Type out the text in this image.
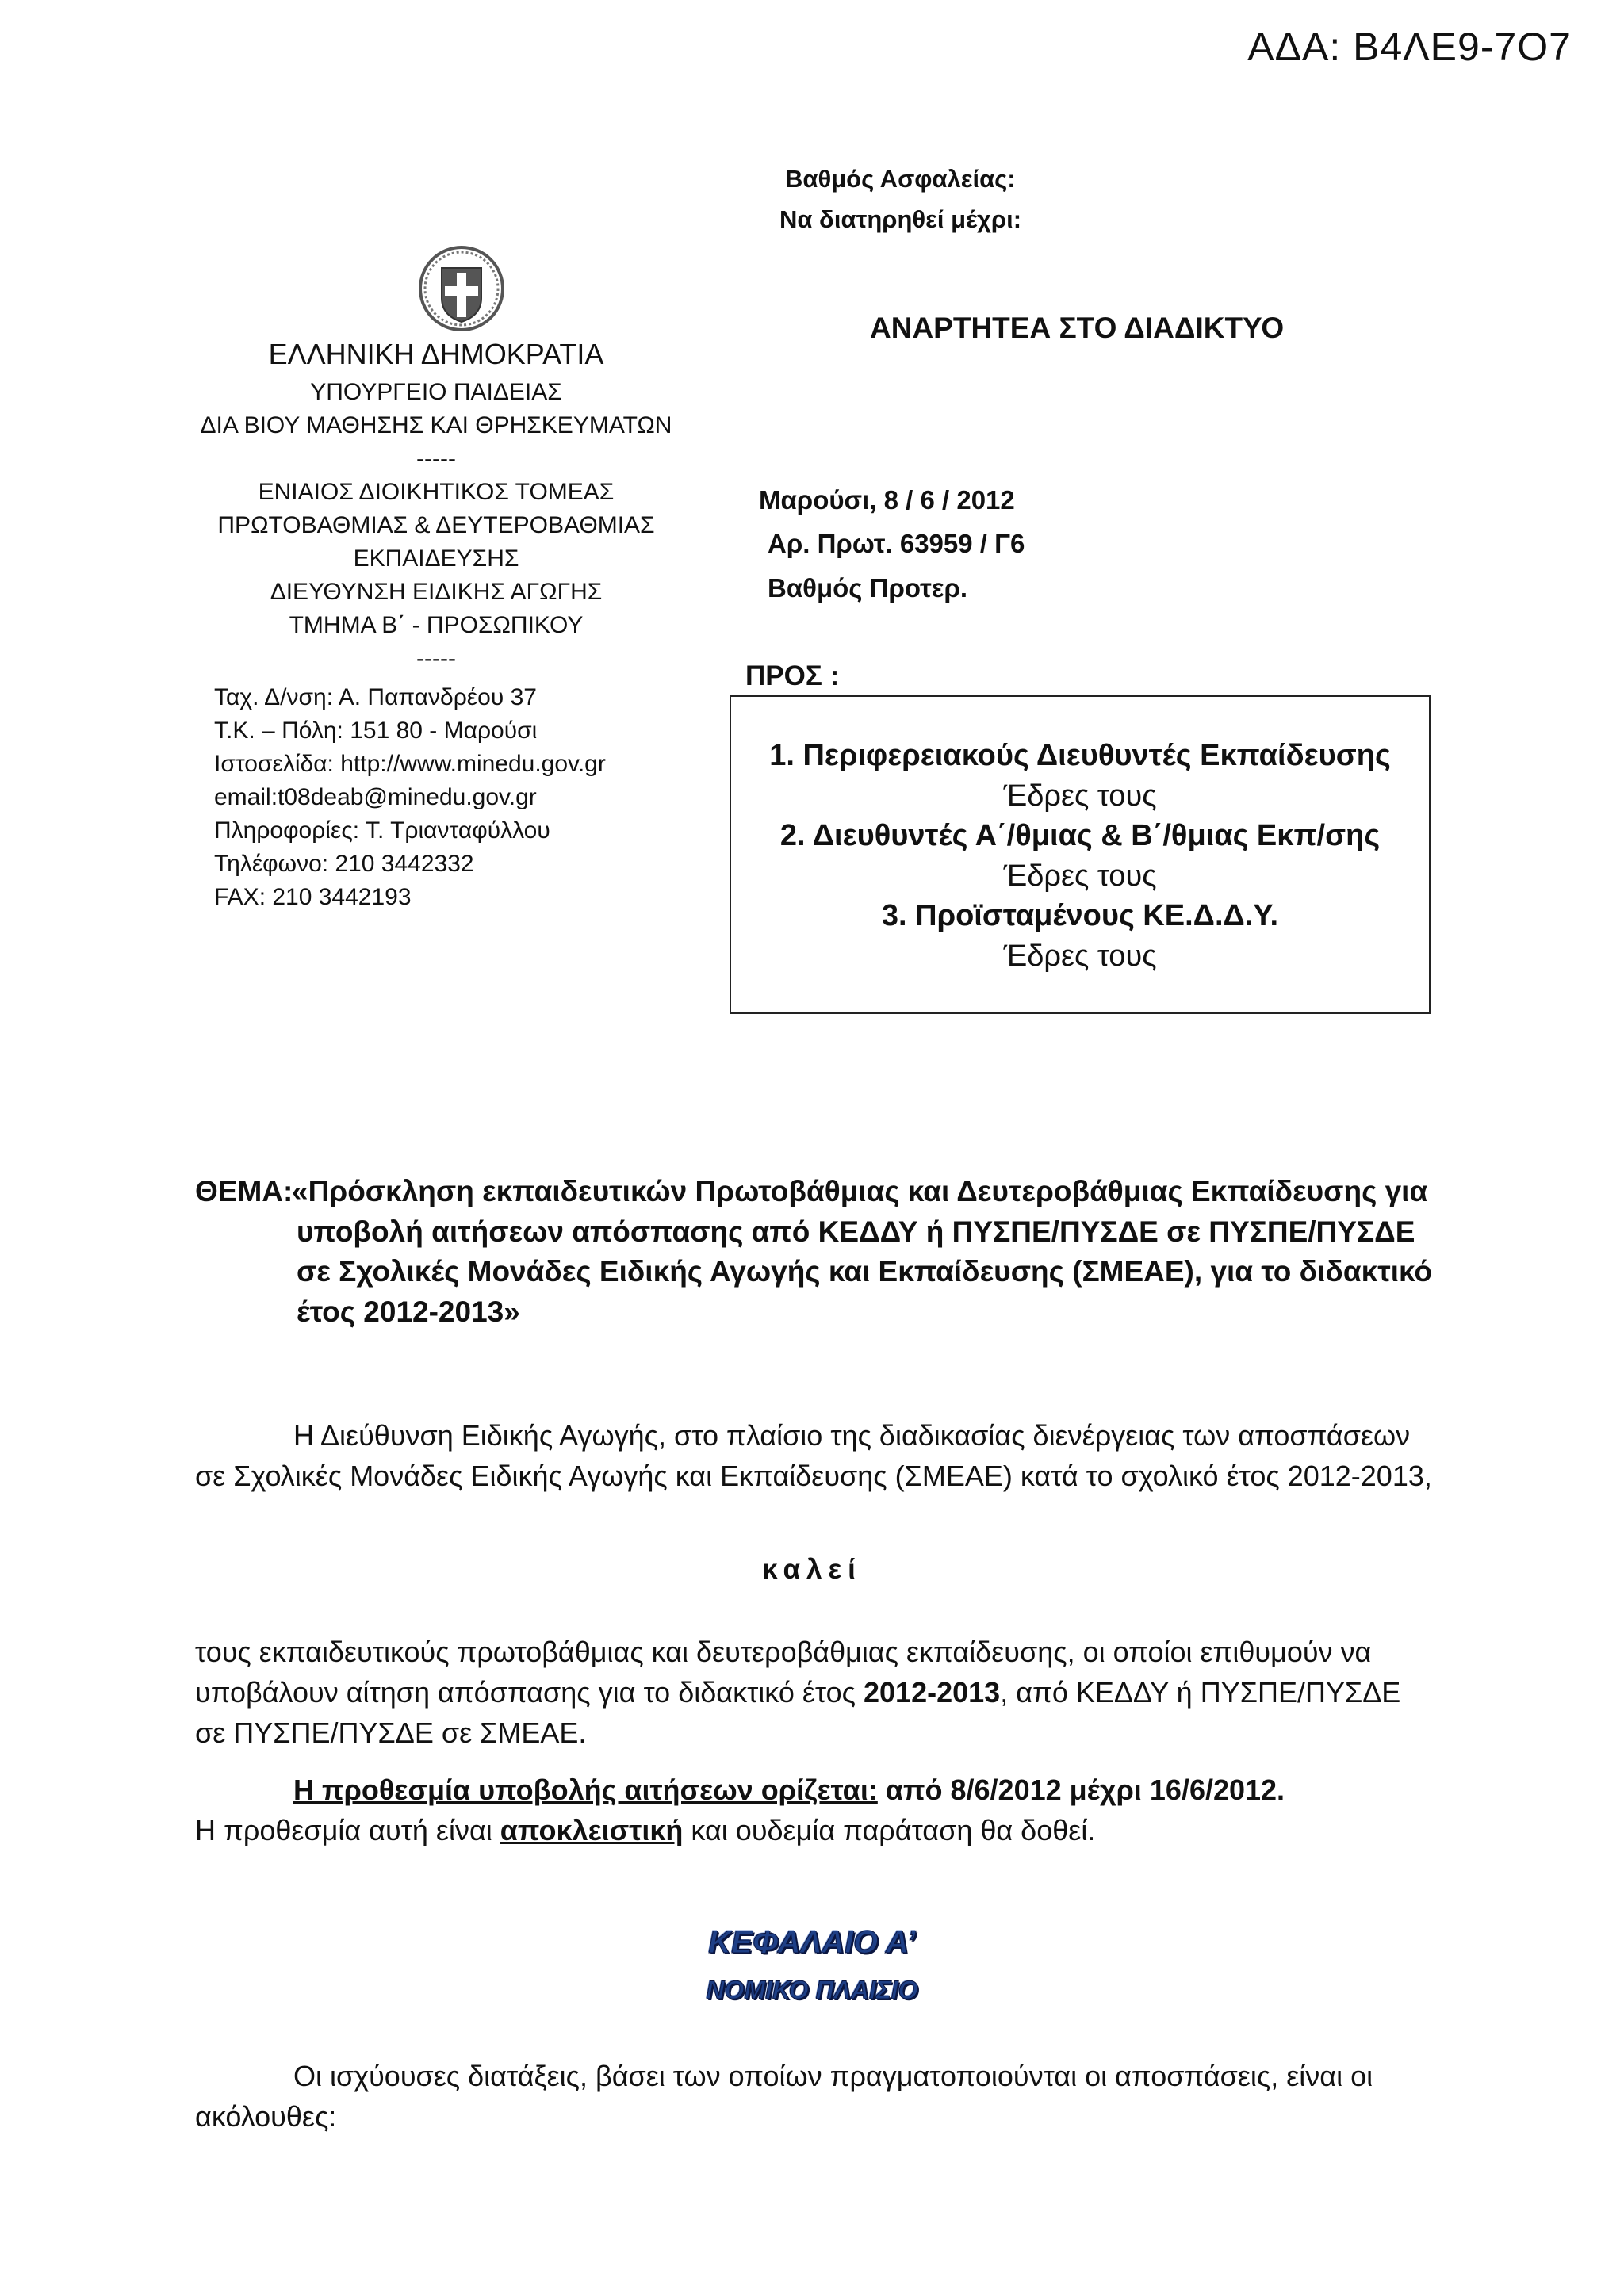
ΑΔΑ: Β4ΛΕ9-7Ο7
Βαθμός Ασφαλείας:
Να διατηρηθεί μέχρι:
ΕΛΛΗΝΙΚΗ ΔΗΜΟΚΡΑΤΙΑ
ΥΠΟΥΡΓΕΙΟ ΠΑΙΔΕΙΑΣ
ΔΙΑ ΒΙΟΥ ΜΑΘΗΣΗΣ ΚΑΙ ΘΡΗΣΚΕΥΜΑΤΩΝ
-----
ΕΝΙΑΙΟΣ ΔΙΟΙΚΗΤΙΚΟΣ ΤΟΜΕΑΣ
ΠΡΩΤΟΒΑΘΜΙΑΣ & ΔΕΥΤΕΡΟΒΑΘΜΙΑΣ
ΕΚΠΑΙΔΕΥΣΗΣ
ΔΙΕΥΘΥΝΣΗ ΕΙΔΙΚΗΣ ΑΓΩΓΗΣ
ΤΜΗΜΑ Β΄ - ΠΡΟΣΩΠΙΚΟΥ
-----
Ταχ. Δ/νση: Α. Παπανδρέου 37
Τ.Κ. – Πόλη: 151 80 - Μαρούσι
Ιστοσελίδα: http://www.minedu.gov.gr
email:t08deab@minedu.gov.gr
Πληροφορίες: Τ. Τριανταφύλλου
Τηλέφωνο: 210 3442332
FAX: 210 3442193
ΑΝΑΡΤΗΤΕΑ ΣΤΟ ΔΙΑΔΙΚΤΥΟ
Μαρούσι, 8 / 6 / 2012
Αρ. Πρωτ. 63959 / Γ6
Βαθμός Προτερ.
ΠΡΟΣ :
1. Περιφερειακούς Διευθυντές Εκπαίδευσης
Έδρες τους
2. Διευθυντές Α΄/θμιας & Β΄/θμιας Εκπ/σης
Έδρες τους
3. Προϊσταμένους ΚΕ.Δ.Δ.Υ.
Έδρες τους
ΘΕΜΑ:
«Πρόσκληση εκπαιδευτικών Πρωτοβάθμιας και Δευτεροβάθμιας Εκπαίδευσης για υποβολή αιτήσεων απόσπασης από ΚΕΔΔΥ ή ΠΥΣΠΕ/ΠΥΣΔΕ σε ΠΥΣΠΕ/ΠΥΣΔΕ σε Σχολικές Μονάδες Ειδικής Αγωγής και Εκπαίδευσης (ΣΜΕΑΕ), για το διδακτικό έτος 2012-2013»
Η Διεύθυνση Ειδικής Αγωγής, στο πλαίσιο της διαδικασίας διενέργειας των αποσπάσεων σε Σχολικές Μονάδες Ειδικής Αγωγής και Εκπαίδευσης (ΣΜΕΑΕ) κατά το σχολικό έτος 2012-2013,
καλεί
τους εκπαιδευτικούς πρωτοβάθμιας και δευτεροβάθμιας εκπαίδευσης, οι οποίοι επιθυμούν να υποβάλουν αίτηση απόσπασης για το διδακτικό έτος 2012-2013, από ΚΕΔΔΥ ή ΠΥΣΠΕ/ΠΥΣΔΕ σε ΠΥΣΠΕ/ΠΥΣΔΕ σε ΣΜΕΑΕ.
Η προθεσμία υποβολής αιτήσεων ορίζεται: από 8/6/2012 μέχρι 16/6/2012.
Η προθεσμία αυτή είναι αποκλειστική και ουδεμία παράταση θα δοθεί.
ΚΕΦΑΛΑΙΟ Α’
ΝΟΜΙΚΟ ΠΛΑΙΣΙΟ
Οι ισχύουσες διατάξεις, βάσει των οποίων πραγματοποιούνται οι αποσπάσεις, είναι οι ακόλουθες:
